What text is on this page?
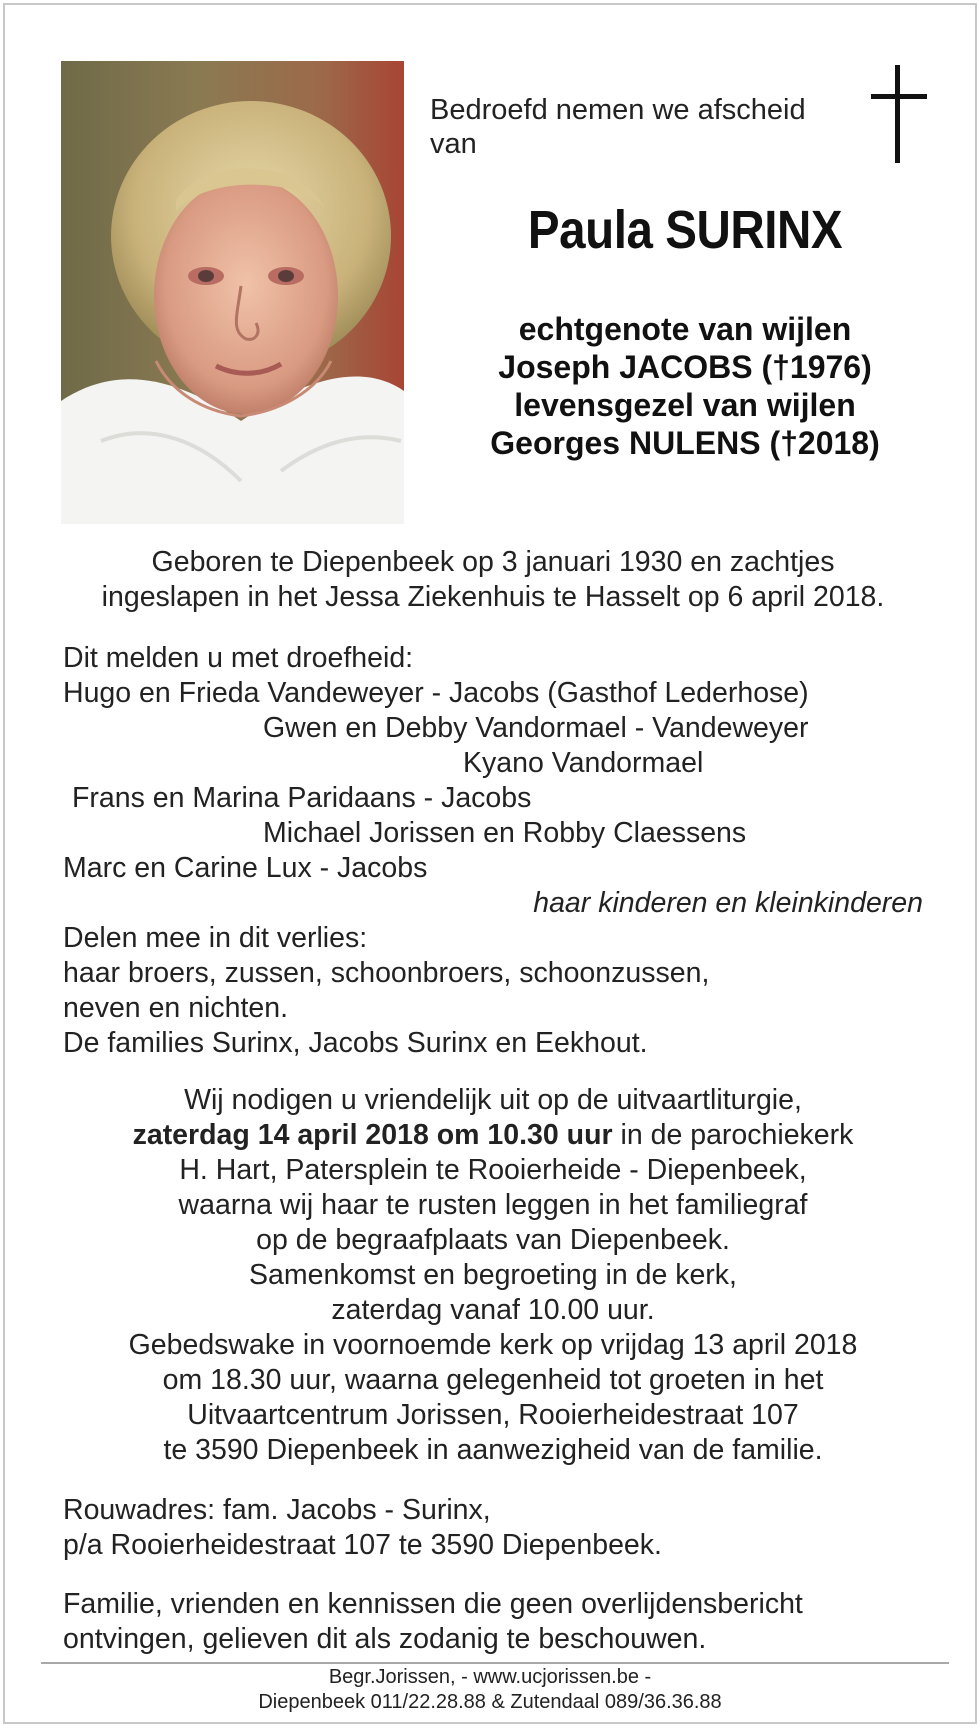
Bedroefd nemen we afscheid
van
Paula SURINX
echtgenote van wijlen
Joseph JACOBS (†1976)
levensgezel van wijlen
Georges NULENS (†2018)
Geboren te Diepenbeek op 3 januari 1930 en zachtjes
ingeslapen in het Jessa Ziekenhuis te Hasselt op 6 april 2018.
Dit melden u met droefheid:
Hugo en Frieda Vandeweyer - Jacobs (Gasthof Lederhose)
Gwen en Debby Vandormael - Vandeweyer
Kyano Vandormael
Frans en Marina Paridaans - Jacobs
Michael Jorissen en Robby Claessens
Marc en Carine Lux - Jacobs
haar kinderen en kleinkinderen
Delen mee in dit verlies:
haar broers, zussen, schoonbroers, schoonzussen,
neven en nichten.
De families Surinx, Jacobs Surinx en Eekhout.
Wij nodigen u vriendelijk uit op de uitvaartliturgie,
zaterdag 14 april 2018 om 10.30 uur in de parochiekerk
H. Hart, Patersplein te Rooierheide - Diepenbeek,
waarna wij haar te rusten leggen in het familiegraf
op de begraafplaats van Diepenbeek.
Samenkomst en begroeting in de kerk,
zaterdag vanaf 10.00 uur.
Gebedswake in voornoemde kerk op vrijdag 13 april 2018
om 18.30 uur, waarna gelegenheid tot groeten in het
Uitvaartcentrum Jorissen, Rooierheidestraat 107
te 3590 Diepenbeek in aanwezigheid van de familie.
Rouwadres: fam. Jacobs - Surinx,
p/a Rooierheidestraat 107 te 3590 Diepenbeek.
Familie, vrienden en kennissen die geen overlijdensbericht
ontvingen, gelieven dit als zodanig te beschouwen.
Begr.Jorissen, - www.ucjorissen.be -
Diepenbeek 011/22.28.88 & Zutendaal 089/36.36.88
